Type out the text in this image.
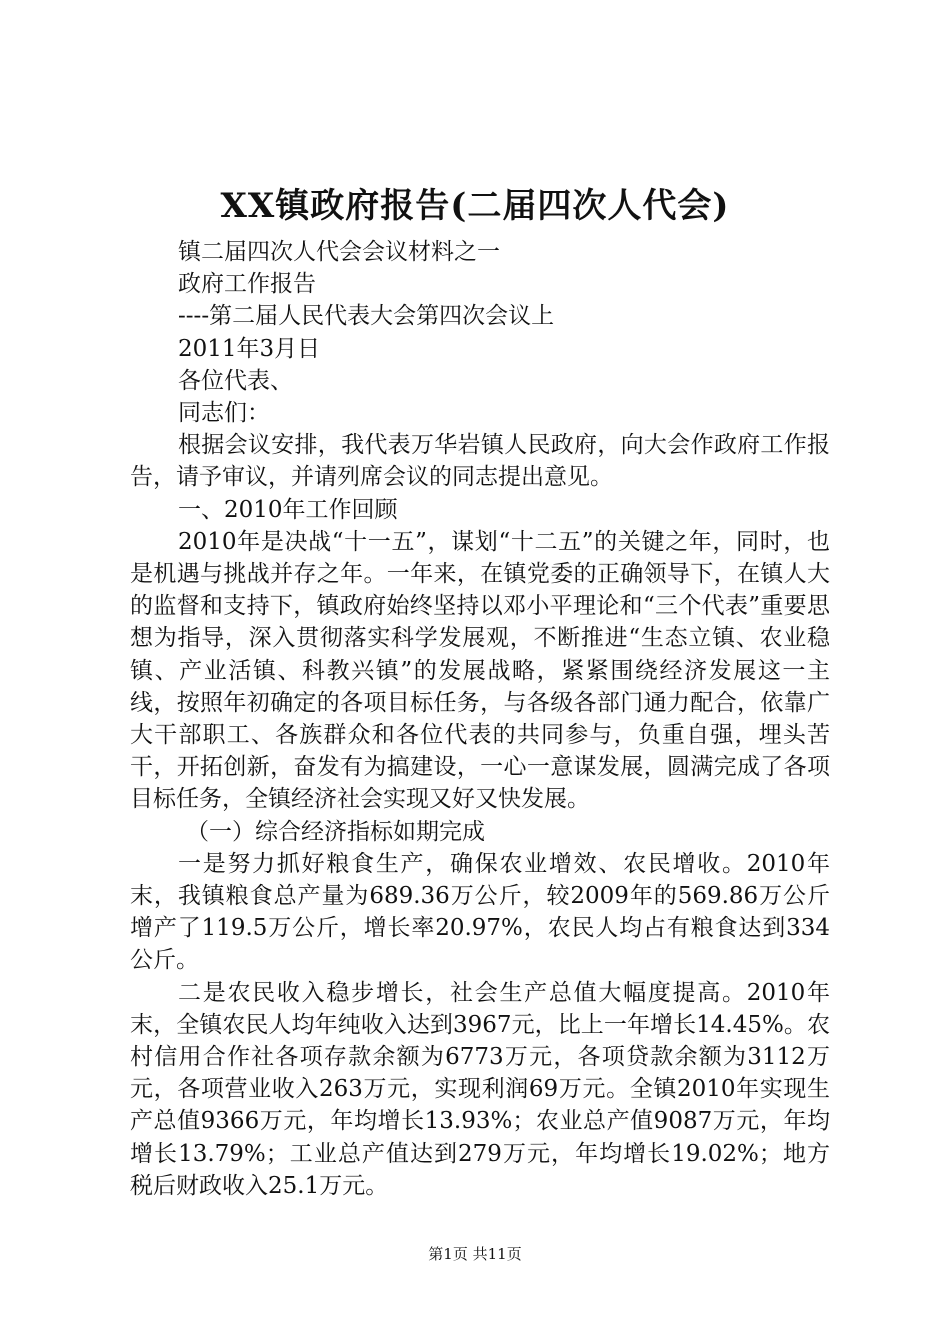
XX镇政府报告(二届四次人代会)

镇二届四次人代会会议材料之一

政府工作报告

----第二届人民代表大会第四次会议上

2011年3月日

各位代表、

同志们：

根据会议安排，我代表万华岩镇人民政府，向大会作政府工作报告，请予审议，并请列席会议的同志提出意见。

一、2010年工作回顾

2010年是决战“十一五”，谋划“十二五”的关键之年，同时，也是机遇与挑战并存之年。一年来，在镇党委的正确领导下，在镇人大的监督和支持下，镇政府始终坚持以邓小平理论和“三个代表”重要思想为指导，深入贯彻落实科学发展观，不断推进“生态立镇、农业稳镇、产业活镇、科教兴镇”的发展战略，紧紧围绕经济发展这一主线，按照年初确定的各项目标任务，与各级各部门通力配合，依靠广大干部职工、各族群众和各位代表的共同参与，负重自强，埋头苦干，开拓创新，奋发有为搞建设，一心一意谋发展，圆满完成了各项目标任务，全镇经济社会实现又好又快发展。

（一）综合经济指标如期完成

一是努力抓好粮食生产，确保农业增效、农民增收。2010年末，我镇粮食总产量为689.36万公斤，较2009年的569.86万公斤增产了119.5万公斤，增长率20.97%，农民人均占有粮食达到334公斤。

二是农民收入稳步增长，社会生产总值大幅度提高。2010年末，全镇农民人均年纯收入达到3967元，比上一年增长14.45%。农村信用合作社各项存款余额为6773万元，各项贷款余额为3112万元，各项营业收入263万元，实现利润69万元。全镇2010年实现生产总值9366万元，年均增长13.93%；农业总产值9087万元，年均增长13.79%；工业总产值达到279万元，年均增长19.02%；地方税后财政收入25.1万元。

第1页 共11页
